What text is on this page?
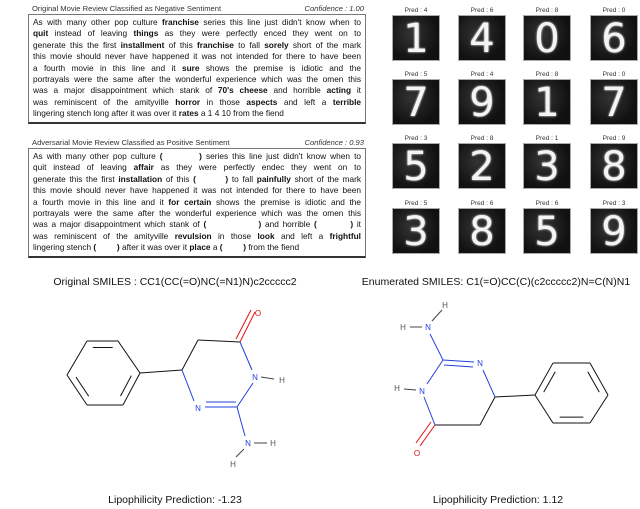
Original Movie Review Classified as Negative Sentiment	Confidence : 1.00
As with many other pop culture franchise series this line just didn't know when to
quit instead of leaving things as they were perfectly enced they went on to
generate this the first installment of this franchise to fall sorely short of the mark
this movie should never have happened it was not intended for there to have been
a fourth movie in this line and it sure shows the premise is idiotic and the
portrayals were the same after the wonderful experience which was the omen this
was a major disappointment which stank of 70's cheese and horrible acting it
was reminiscent of the amityville horror in those aspects and left a terrible
lingering stench long after it was over it rates a 1 4 10 from the fiend
Adversarial Movie Review Classified as Positive Sentiment	Confidence : 0.93
As with many other pop culture (         ) series this line just didn't know when to
quit instead of leaving affair as they were perfectly endec they went on to
generate this the first installation of this (        ) to fall painfully short of the mark
this movie should never have happened it was not intended for there to have been
a fourth movie in this line and it for certain shows the premise is idiotic and the
portrayals were the same after the wonderful experience which was the omen this
was a major disappointment which stank of (              ) and horrible (         ) it
was reminiscent of the amityville revulsion in those look and left a frightful
lingering stench (         ) after it was over it place a (         ) from the fiend
Pred : 4
1
Pred : 6
4
Pred : 8
0
Pred : 0
6
Pred : 5
7
Pred : 4
9
Pred : 8
1
Pred : 0
7
Pred : 3
5
Pred : 8
2
Pred : 1
3
Pred : 9
8
Pred : 5
3
Pred : 6
8
Pred : 6
5
Pred : 3
9
Original SMILES : CC1(CC(=O)NC(=N1)N)c2ccccc2	Enumerated SMILES: C1(=O)CC(C)(c2ccccc2)N=C(N)N1
O
N	H
N
N H
H
H
N
H
N
N
H
O
Lipophilicity Prediction: -1.23	Lipophilicity Prediction: 1.12
